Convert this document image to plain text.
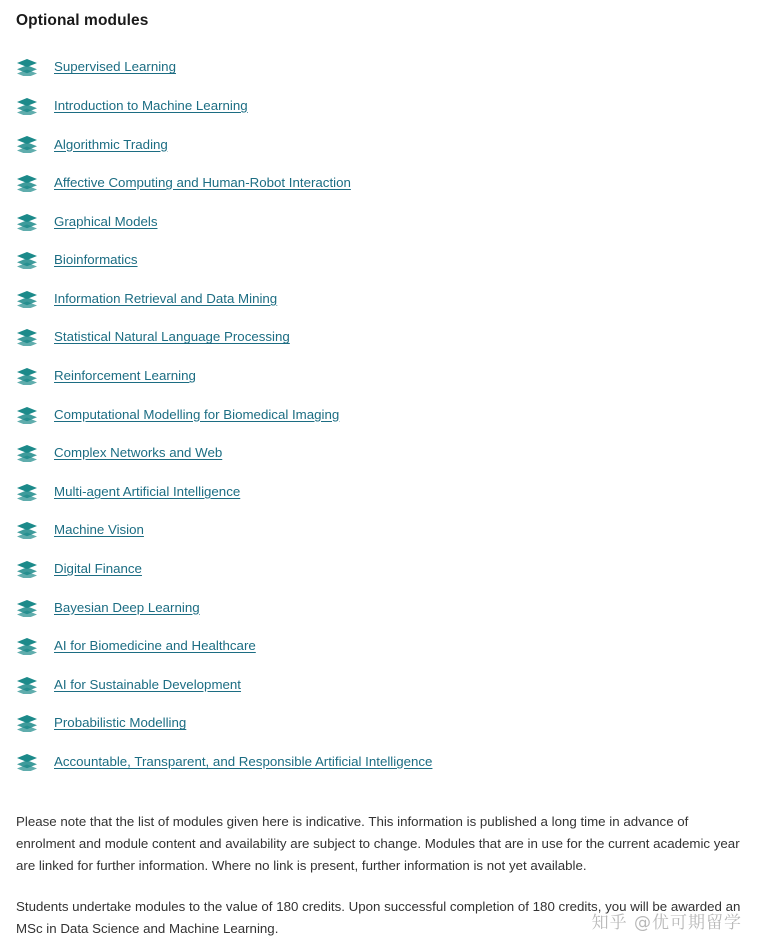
Optional modules
Supervised Learning
Introduction to Machine Learning
Algorithmic Trading
Affective Computing and Human-Robot Interaction
Graphical Models
Bioinformatics
Information Retrieval and Data Mining
Statistical Natural Language Processing
Reinforcement Learning
Computational Modelling for Biomedical Imaging
Complex Networks and Web
Multi-agent Artificial Intelligence
Machine Vision
Digital Finance
Bayesian Deep Learning
AI for Biomedicine and Healthcare
AI for Sustainable Development
Probabilistic Modelling
Accountable, Transparent, and Responsible Artificial Intelligence

Please note that the list of modules given here is indicative. This information is published a long time in advance of enrolment and module content and availability are subject to change. Modules that are in use for the current academic year are linked for further information. Where no link is present, further information is not yet available.

Students undertake modules to the value of 180 credits. Upon successful completion of 180 credits, you will be awarded an MSc in Data Science and Machine Learning.	知乎 @优可期留学
